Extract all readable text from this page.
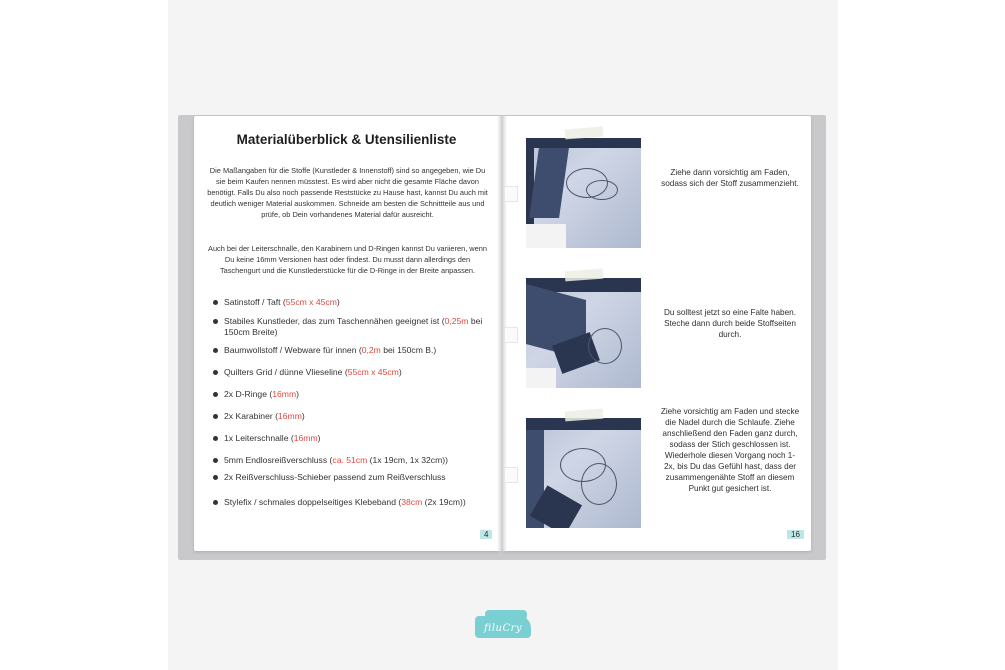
Materialüberblick & Utensilienliste

Die Maßangaben für die Stoffe (Kunstleder & Innenstoff) sind so angegeben, wie Du sie beim Kaufen nennen müsstest. Es wird aber nicht die gesamte Fläche davon benötigt. Falls Du also noch passende Reststücke zu Hause hast, kannst Du auch mit deutlich weniger Material auskommen. Schneide am besten die Schnittteile aus und prüfe, ob Dein vorhandenes Material dafür ausreicht.

Auch bei der Leiterschnalle, den Karabinern und D-Ringen kannst Du variieren, wenn Du keine 16mm Versionen hast oder findest. Du musst dann allerdings den Taschengurt und die Kunstlederstücke für die D-Ringe in der Breite anpassen.

Satinstoff / Taft (55cm x 45cm)
Stabiles Kunstleder, das zum Taschennähen geeignet ist (0,25m bei 150cm Breite)
Baumwollstoff / Webware für innen (0,2m bei 150cm B.)
Quilters Grid / dünne Vlieseline (55cm x 45cm)
2x D-Ringe (16mm)
2x Karabiner (16mm)
1x Leiterschnalle (16mm)
5mm Endlosreißverschluss (ca. 51cm (1x 19cm, 1x 32cm))
2x Reißverschluss-Schieber passend zum Reißverschluss
Stylefix / schmales doppelseitiges Klebeband (38cm (2x 19cm))
4	16

Ziehe dann vorsichtig am Faden, sodass sich der Stoff zusammenzieht.

Du solltest jetzt so eine Falte haben.
Steche dann durch beide Stoffseiten durch.

Ziehe vorsichtig am Faden und stecke die Nadel durch die Schlaufe. Ziehe anschließend den Faden ganz durch, sodass der Stich geschlossen ist. Wiederhole diesen Vorgang noch 1-2x, bis Du das Gefühl hast, dass der zusammengenähte Stoff an diesem Punkt gut gesichert ist.

filuCry
